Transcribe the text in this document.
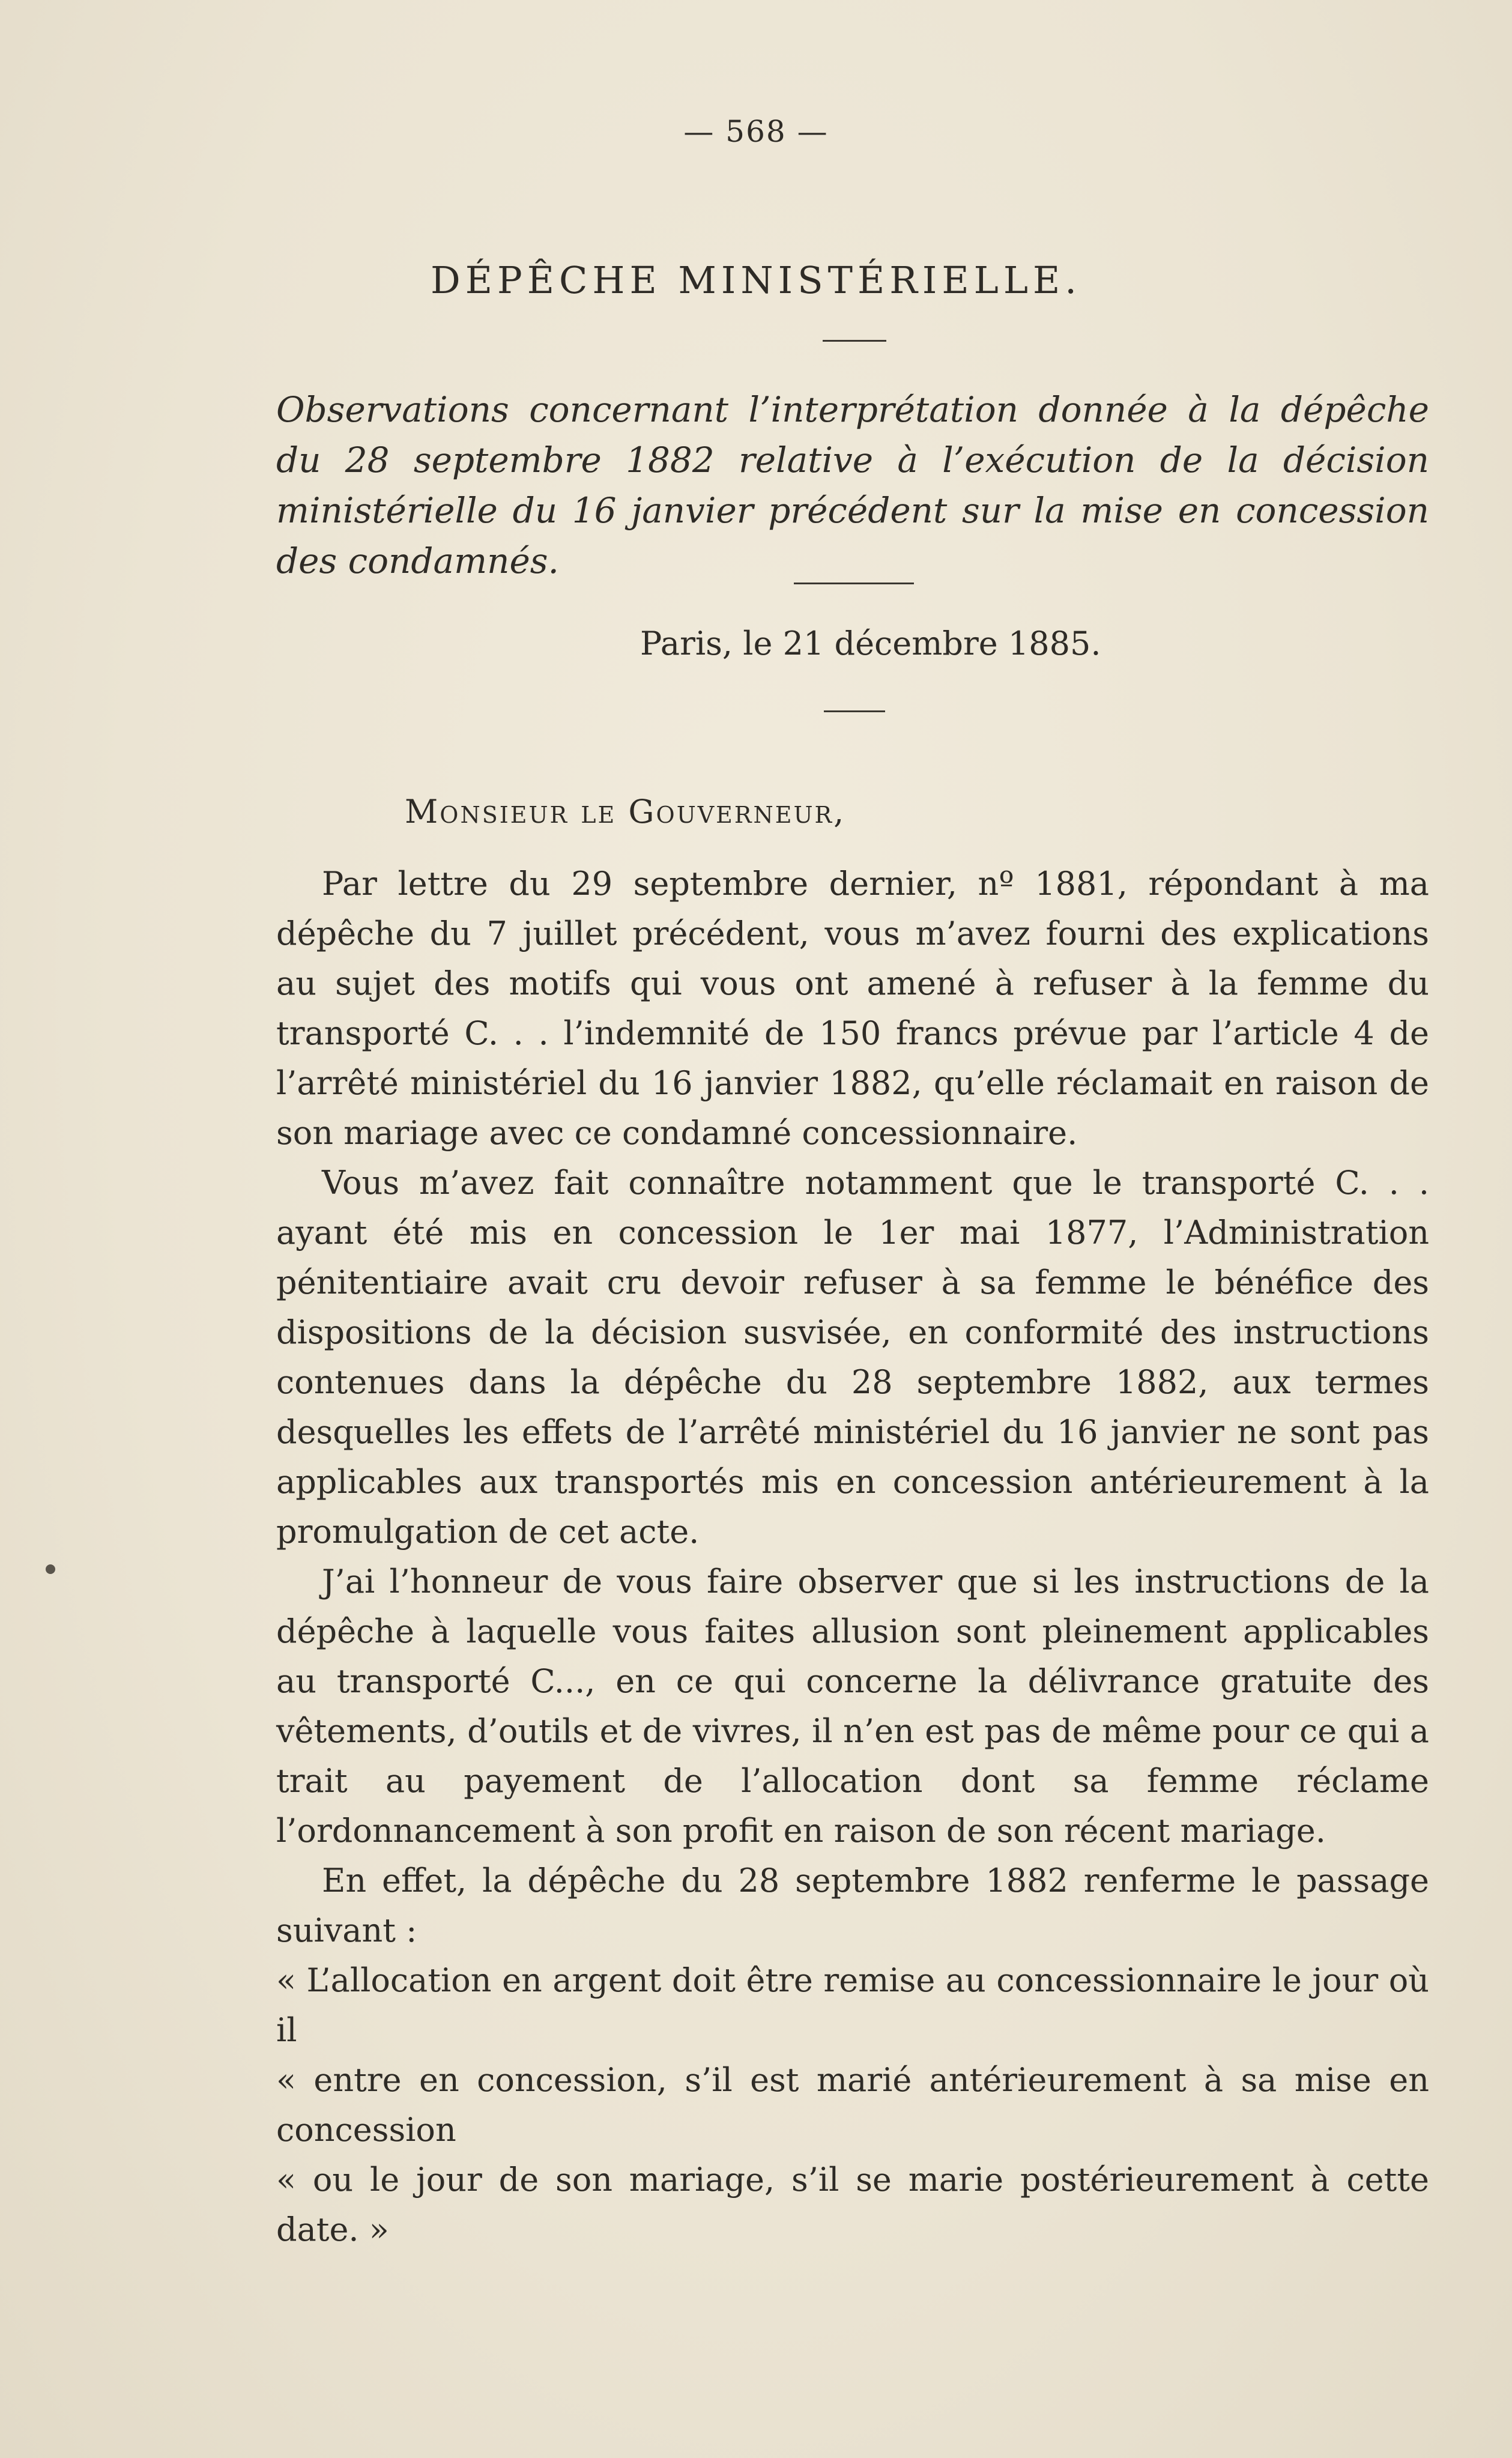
— 568 —
DÉPÊCHE MINISTÉRIELLE.
Observations concernant l’interprétation donnée à la dépêche du 28 septembre 1882 relative à l’exécution de la décision ministérielle du 16 janvier précédent sur la mise en concession des condamnés.
Paris, le 21 décembre 1885.
Monsieur le Gouverneur,

Par lettre du 29 septembre dernier, nº 1881, répondant à ma dépêche du 7 juillet précédent, vous m’avez fourni des explications au sujet des motifs qui vous ont amené à refuser à la femme du transporté C. . . l’indemnité de 150 francs prévue par l’article 4 de l’arrêté ministériel du 16 janvier 1882, qu’elle réclamait en raison de son mariage avec ce condamné concessionnaire.

Vous m’avez fait connaître notamment que le transporté C. . . ayant été mis en concession le 1er mai 1877, l’Administration pénitentiaire avait cru devoir refuser à sa femme le bénéfice des dispositions de la décision susvisée, en conformité des instructions contenues dans la dépêche du 28 septembre 1882, aux termes desquelles les effets de l’arrêté ministériel du 16 janvier ne sont pas applicables aux transportés mis en concession antérieurement à la promulgation de cet acte.

J’ai l’honneur de vous faire observer que si les instructions de la dépêche à laquelle vous faites allusion sont pleinement applicables au transporté C..., en ce qui concerne la délivrance gratuite des vêtements, d’outils et de vivres, il n’en est pas de même pour ce qui a trait au payement de l’allocation dont sa femme réclame l’ordonnancement à son profit en raison de son récent mariage.

En effet, la dépêche du 28 septembre 1882 renferme le passage suivant :

« L’allocation en argent doit être remise au concessionnaire le jour où il

« entre en concession, s’il est marié antérieurement à sa mise en concession

« ou le jour de son mariage, s’il se marie postérieurement à cette date. »
